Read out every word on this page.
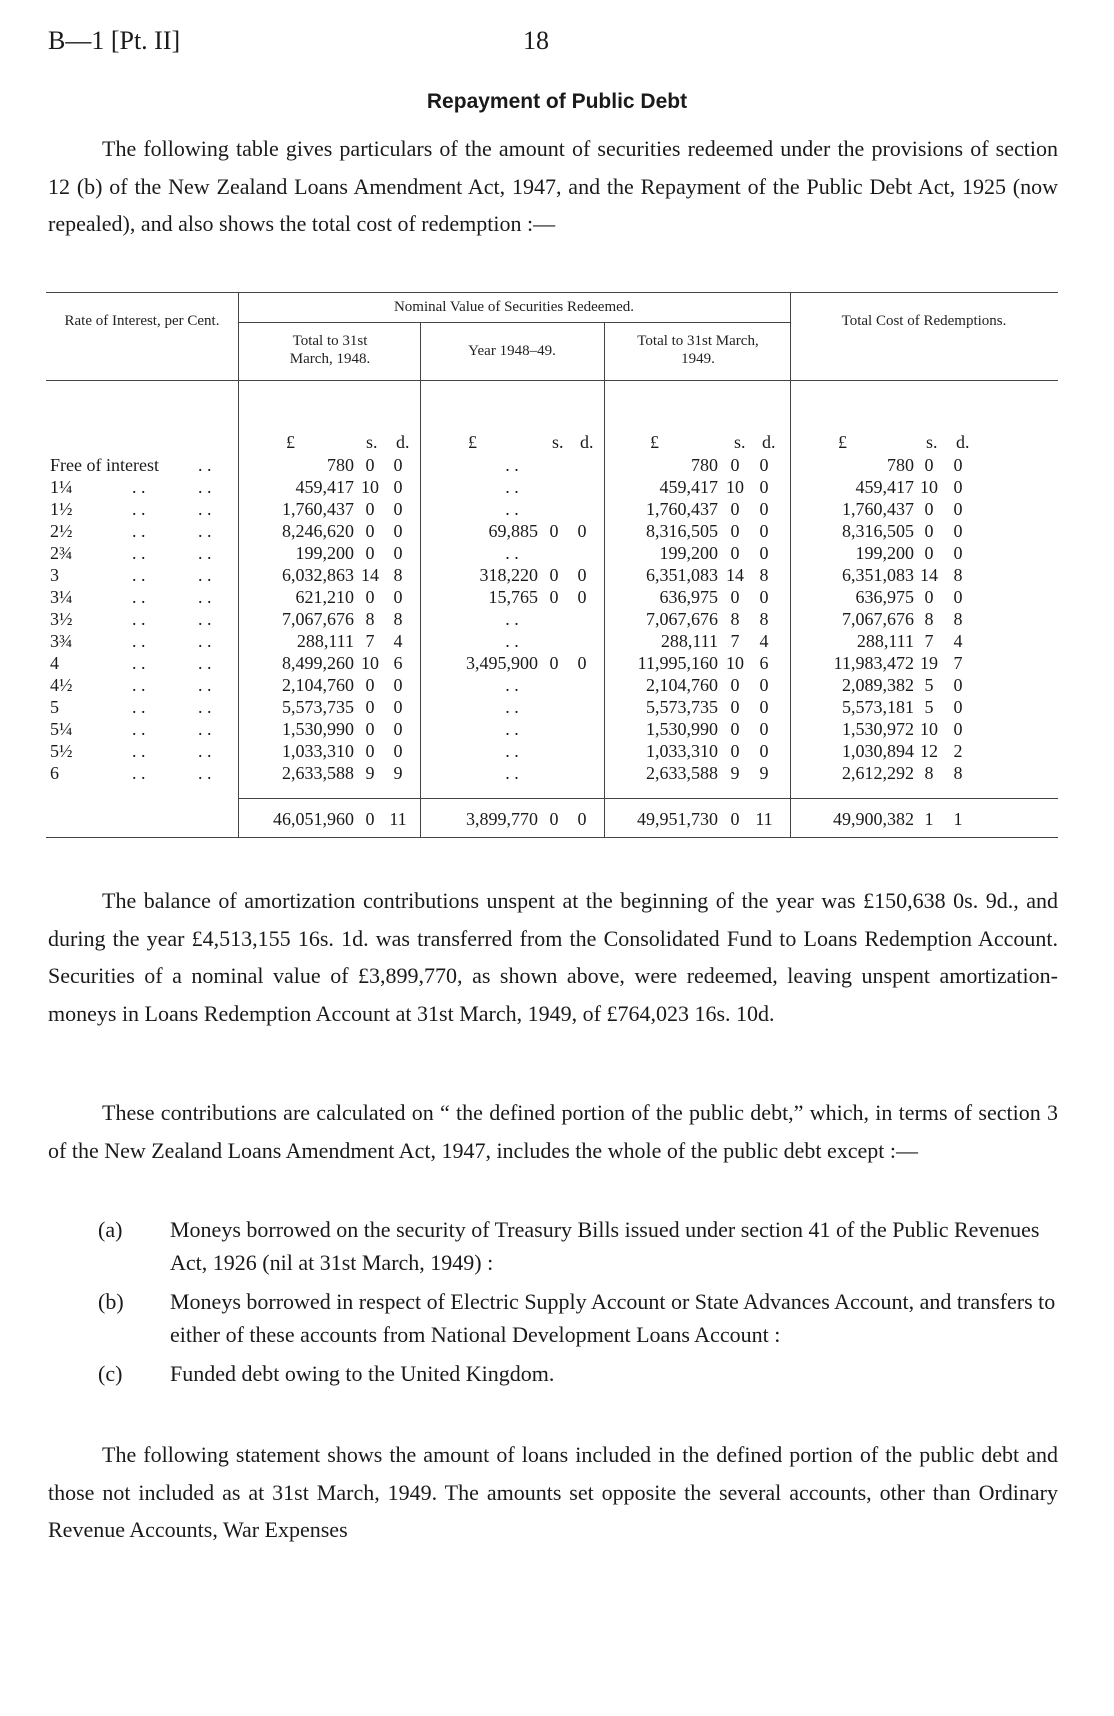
B—1 [Pt. II]	18
Repayment of Public Debt
The following table gives particulars of the amount of securities redeemed under the provisions of section 12 (b) of the New Zealand Loans Amendment Act, 1947, and the Repayment of the Public Debt Act, 1925 (now repealed), and also shows the total cost of redemption :—
Rate of Interest, per Cent.
Nominal Value of Securities Redeemed.
Total to 31st March, 1948.	Year 1948–49.
Total to 31st March, 1949.
Total Cost of Redemptions.
£	s. d.	£	s. d.	£	s. d.	£	s. d.
Free of interest . .	780 0	0	. .	780 0	0	780 0	0
1¼	. .	. .	459,417 10 0	. .	459,417 10 0	459,417 10 0
1½	. .	. .	1,760,437 0	0	. .	1,760,437 0	0	1,760,437 0	0
2½	. .	. .	8,246,620 0	0	69,885 0	0	8,316,505 0	0	8,316,505 0	0
2¾	. .	. .	199,200 0	0	. .	199,200 0	0	199,200 0	0
3	. .	. .	6,032,863 14 8	318,220 0	0	6,351,083 14 8	6,351,083 14 8
3¼	. .	. .	621,210 0	0	15,765 0	0	636,975 0	0	636,975 0	0
3½	. .	. .	7,067,676 8	8	. .	7,067,676 8	8	7,067,676 8	8
3¾	. .	. .	288,111 7	4	. .	288,111 7	4	288,111 7	4
4	. .	. .	8,499,260 10 6	3,495,900 0	0	11,995,160 10 6	11,983,472 19 7
4½	. .	. .	2,104,760 0	0	. .	2,104,760 0	0	2,089,382 5	0
5	. .	. .	5,573,735 0	0	. .	5,573,735 0	0	5,573,181 5	0
5¼	. .	. .	1,530,990 0	0	. .	1,530,990 0	0	1,530,972 10 0
5½	. .	. .	1,033,310 0	0	. .	1,033,310 0	0	1,030,894 12 2
6	. .	. .	2,633,588 9	9	. .	2,633,588 9	9	2,612,292 8	8
46,051,960 0 11	3,899,770 0	0	49,951,730 0 11	49,900,382 1	1
The balance of amortization contributions unspent at the beginning of the year was £150,638 0s. 9d., and during the year £4,513,155 16s. 1d. was transferred from the Consolidated Fund to Loans Redemption Account. Securities of a nominal value of £3,899,770, as shown above, were redeemed, leaving unspent amortization-moneys in Loans Redemption Account at 31st March, 1949, of £764,023 16s. 10d.
These contributions are calculated on “ the defined portion of the public debt,” which, in terms of section 3 of the New Zealand Loans Amendment Act, 1947, includes the whole of the public debt except :—
(a) Moneys borrowed on the security of Treasury Bills issued under section 41 of the Public Revenues Act, 1926 (nil at 31st March, 1949) :
(b) Moneys borrowed in respect of Electric Supply Account or State Advances Account, and transfers to either of these accounts from National Development Loans Account :
(c) Funded debt owing to the United Kingdom.
The following statement shows the amount of loans included in the defined portion of the public debt and those not included as at 31st March, 1949. The amounts set opposite the several accounts, other than Ordinary Revenue Accounts, War Expenses
